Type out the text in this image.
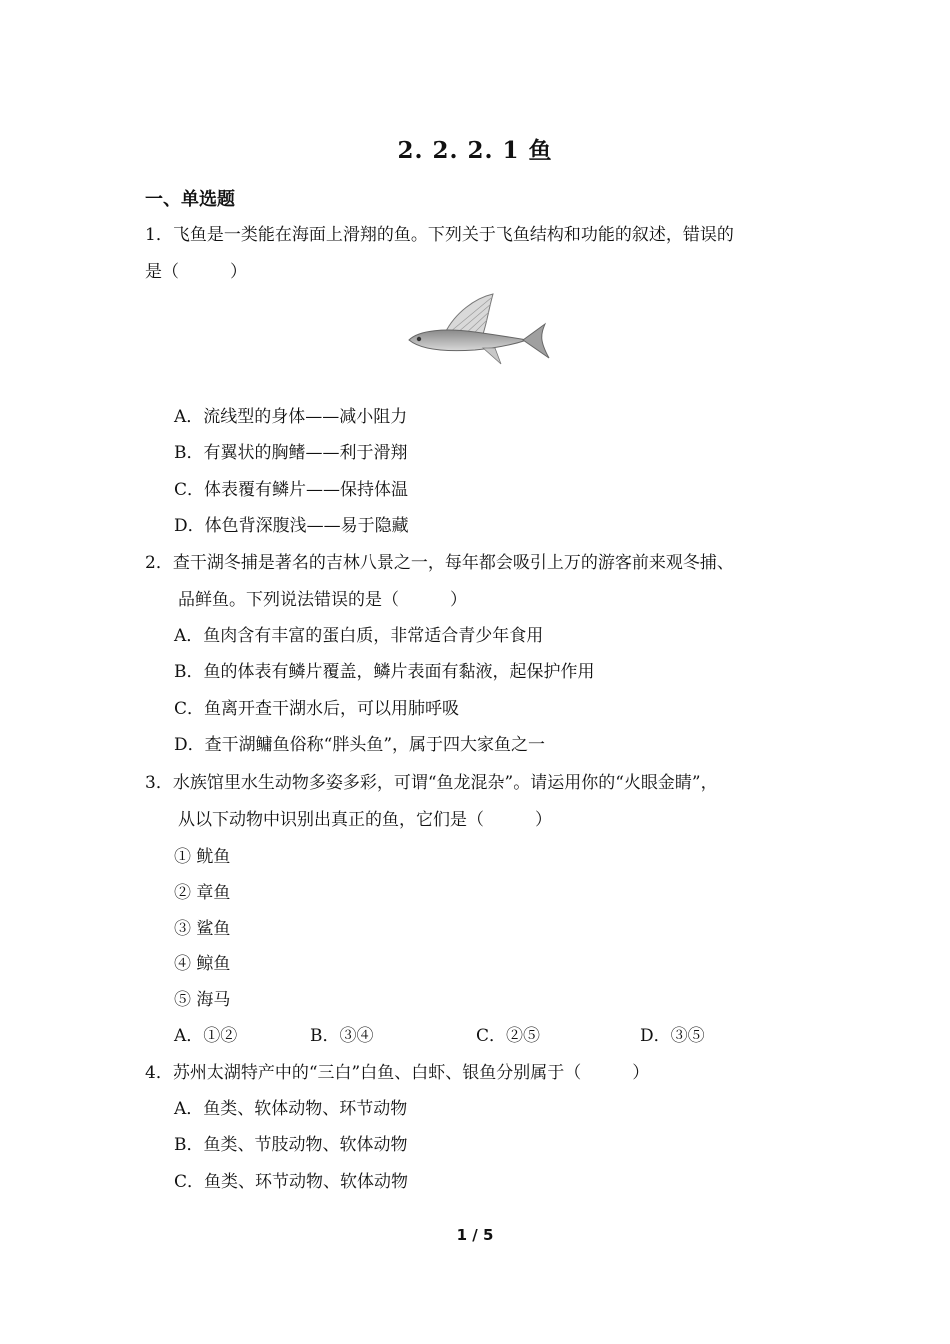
2. 2. 2. 1 鱼
一、单选题
1．飞鱼是一类能在海面上滑翔的鱼。下列关于飞鱼结构和功能的叙述，错误的
是（　　　）
A．流线型的身体——减小阻力
B．有翼状的胸鳍——利于滑翔
C．体表覆有鳞片——保持体温
D．体色背深腹浅——易于隐藏
2．查干湖冬捕是著名的吉林八景之一，每年都会吸引上万的游客前来观冬捕、
品鲜鱼。下列说法错误的是（　　　）
A．鱼肉含有丰富的蛋白质，非常适合青少年食用
B．鱼的体表有鳞片覆盖，鳞片表面有黏液，起保护作用
C．鱼离开查干湖水后，可以用肺呼吸
D．查干湖鳙鱼俗称“胖头鱼”，属于四大家鱼之一
3．水族馆里水生动物多姿多彩，可谓“鱼龙混杂”。请运用你的“火眼金睛”，
从以下动物中识别出真正的鱼，它们是（　　　）
① 鱿鱼
② 章鱼
③ 鲨鱼
④ 鲸鱼
⑤ 海马
A．①②	B．③④	C．②⑤	D．③⑤
4．苏州太湖特产中的“三白”白鱼、白虾、银鱼分别属于（　　　）
A．鱼类、软体动物、环节动物
B．鱼类、节肢动物、软体动物
C．鱼类、环节动物、软体动物
1 / 5
